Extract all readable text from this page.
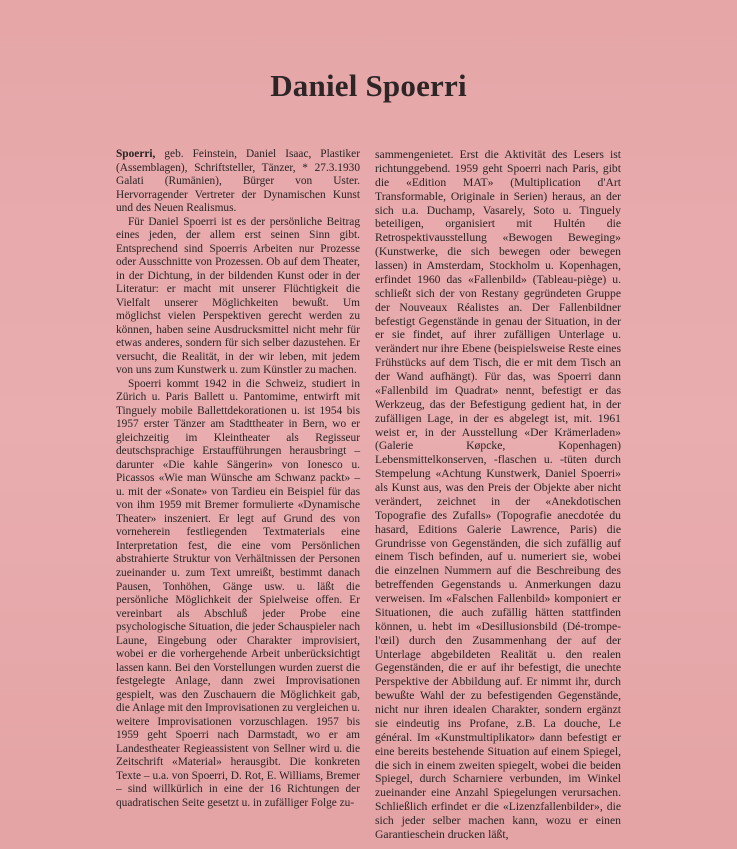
Daniel Spoerri

Spoerri, geb. Feinstein, Daniel Isaac, Plastiker (Assemblagen), Schriftsteller, Tänzer, * 27.3.1930 Galati (Rumänien), Bürger von Uster. Hervorragender Vertreter der Dynamischen Kunst und des Neuen Realismus.

Für Daniel Spoerri ist es der persönliche Beitrag eines jeden, der allem erst seinen Sinn gibt. Entsprechend sind Spoerris Arbeiten nur Prozesse oder Ausschnitte von Prozessen. Ob auf dem Theater, in der Dichtung, in der bildenden Kunst oder in der Literatur: er macht mit unserer Flüchtigkeit die Vielfalt unserer Möglichkeiten bewußt. Um möglichst vielen Perspektiven gerecht werden zu können, haben seine Ausdrucksmittel nicht mehr für etwas anderes, sondern für sich selber dazustehen. Er versucht, die Realität, in der wir leben, mit jedem von uns zum Kunstwerk u. zum Künstler zu machen.

Spoerri kommt 1942 in die Schweiz, studiert in Zürich u. Paris Ballett u. Pantomime, entwirft mit Tinguely mobile Ballettdekorationen u. ist 1954 bis 1957 erster Tänzer am Stadttheater in Bern, wo er gleichzeitig im Kleintheater als Regisseur deutschsprachige Erstaufführungen herausbringt – darunter «Die kahle Sängerin» von Ionesco u. Picassos «Wie man Wünsche am Schwanz packt» – u. mit der «Sonate» von Tardieu ein Beispiel für das von ihm 1959 mit Bremer formulierte «Dynamische Theater» inszeniert. Er legt auf Grund des von vorneherein festliegenden Textmaterials eine Interpretation fest, die eine vom Persönlichen abstrahierte Struktur von Verhältnissen der Personen zueinander u. zum Text umreißt, bestimmt danach Pausen, Tonhöhen, Gänge usw. u. läßt die persönliche Möglichkeit der Spielweise offen. Er vereinbart als Abschluß jeder Probe eine psychologische Situation, die jeder Schauspieler nach Laune, Eingebung oder Charakter improvisiert, wobei er die vorhergehende Arbeit unberücksichtigt lassen kann. Bei den Vorstellungen wurden zuerst die festgelegte Anlage, dann zwei Improvisationen gespielt, was den Zuschauern die Möglichkeit gab, die Anlage mit den Improvisationen zu vergleichen u. weitere Improvisationen vorzuschlagen. 1957 bis 1959 geht Spoerri nach Darmstadt, wo er am Landestheater Regieassistent von Sellner wird u. die Zeitschrift «Material» herausgibt. Die konkreten Texte – u.a. von Spoerri, D. Rot, E. Williams, Bremer – sind willkürlich in eine der 16 Richtungen der quadratischen Seite gesetzt u. in zufälliger Folge zu-

sammengenietet. Erst die Aktivität des Lesers ist richtunggebend. 1959 geht Spoerri nach Paris, gibt die «Edition MAT» (Multiplication d'Art Transformable, Originale in Serien) heraus, an der sich u.a. Duchamp, Vasarely, Soto u. Tinguely beteiligen, organisiert mit Hultén die Retrospektivausstellung «Bewogen Beweging» (Kunstwerke, die sich bewegen oder bewegen lassen) in Amsterdam, Stockholm u. Kopenhagen, erfindet 1960 das «Fallenbild» (Tableau-piège) u. schließt sich der von Restany gegründeten Gruppe der Nouveaux Réalistes an. Der Fallenbildner befestigt Gegenstände in genau der Situation, in der er sie findet, auf ihrer zufälligen Unterlage u. verändert nur ihre Ebene (beispielsweise Reste eines Frühstücks auf dem Tisch, die er mit dem Tisch an der Wand aufhängt). Für das, was Spoerri dann «Fallenbild im Quadrat» nennt, befestigt er das Werkzeug, das der Befestigung gedient hat, in der zufälligen Lage, in der es abgelegt ist, mit. 1961 weist er, in der Ausstellung «Der Krämerladen» (Galerie Køpcke, Kopenhagen) Lebensmittelkonserven, -flaschen u. -tüten durch Stempelung «Achtung Kunstwerk, Daniel Spoerri» als Kunst aus, was den Preis der Objekte aber nicht verändert, zeichnet in der «Anekdotischen Topografie des Zufalls» (Topografie anecdotée du hasard, Editions Galerie Lawrence, Paris) die Grundrisse von Gegenständen, die sich zufällig auf einem Tisch befinden, auf u. numeriert sie, wobei die einzelnen Nummern auf die Beschreibung des betreffenden Gegenstands u. Anmerkungen dazu verweisen. Im «Falschen Fallenbild» komponiert er Situationen, die auch zufällig hätten stattfinden können, u. hebt im «Desillusionsbild (Dé-trompe-l'œil) durch den Zusammenhang der auf der Unterlage abgebildeten Realität u. den realen Gegenständen, die er auf ihr befestigt, die unechte Perspektive der Abbildung auf. Er nimmt ihr, durch bewußte Wahl der zu befestigenden Gegenstände, nicht nur ihren idealen Charakter, sondern ergänzt sie eindeutig ins Profane, z.B. La douche, Le général. Im «Kunstmultiplikator» dann befestigt er eine bereits bestehende Situation auf einem Spiegel, die sich in einem zweiten spiegelt, wobei die beiden Spiegel, durch Scharniere verbunden, im Winkel zueinander eine Anzahl Spiegelungen verursachen. Schließlich erfindet er die «Lizenzfallenbilder», die sich jeder selber machen kann, wozu er einen Garantieschein drucken läßt,
